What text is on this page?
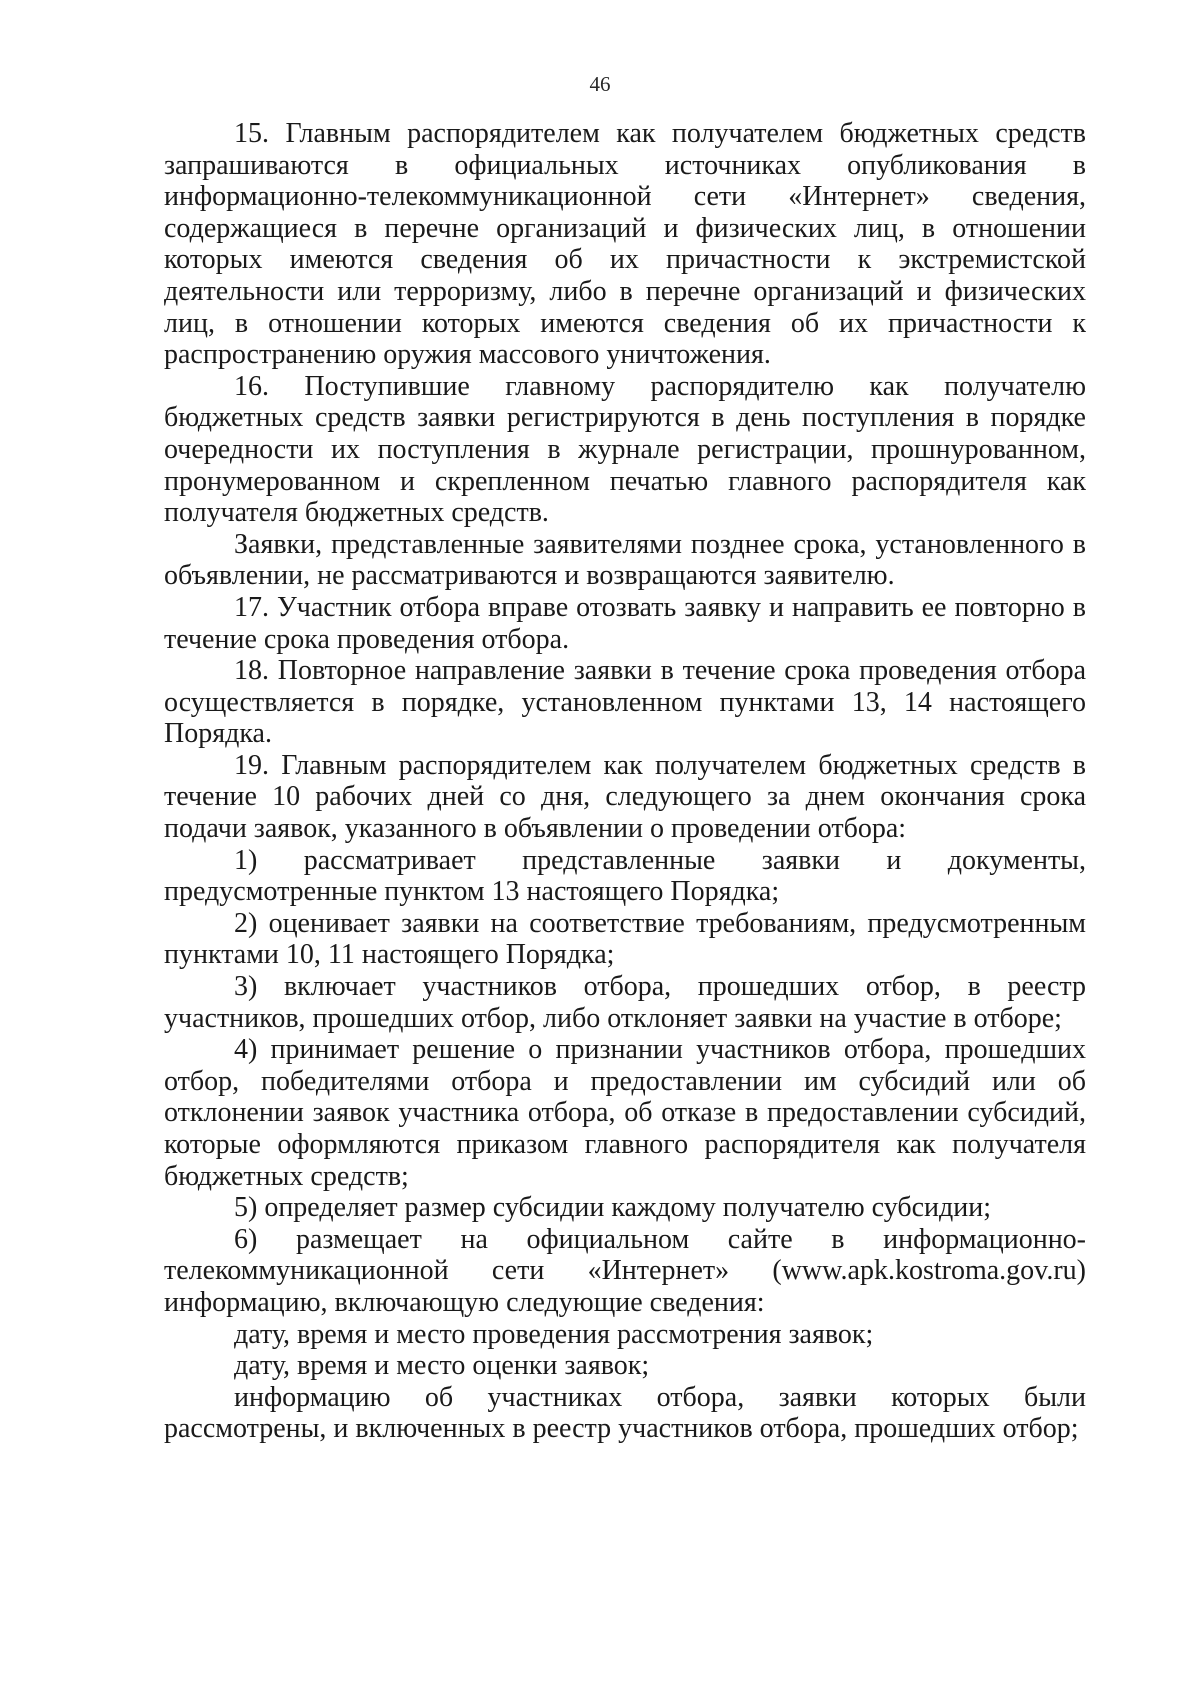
46

15. Главным распорядителем как получателем бюджетных средств запрашиваются в официальных источниках опубликования в информационно-телекоммуникационной сети «Интернет» сведения, содержащиеся в перечне организаций и физических лиц, в отношении которых имеются сведения об их причастности к экстремистской деятельности или терроризму, либо в перечне организаций и физических лиц, в отношении которых имеются сведения об их причастности к распространению оружия массового уничтожения.

16. Поступившие главному распорядителю как получателю бюджетных средств заявки регистрируются в день поступления в порядке очередности их поступления в журнале регистрации, прошнурованном, пронумерованном и скрепленном печатью главного распорядителя как получателя бюджетных средств.

Заявки, представленные заявителями позднее срока, установленного в объявлении, не рассматриваются и возвращаются заявителю.

17. Участник отбора вправе отозвать заявку и направить ее повторно в течение срока проведения отбора.

18. Повторное направление заявки в течение срока проведения отбора осуществляется в порядке, установленном пунктами 13, 14 настоящего Порядка.

19. Главным распорядителем как получателем бюджетных средств в течение 10 рабочих дней со дня, следующего за днем окончания срока подачи заявок, указанного в объявлении о проведении отбора:

1) рассматривает представленные заявки и документы, предусмотренные пунктом 13 настоящего Порядка;

2) оценивает заявки на соответствие требованиям, предусмотренным пунктами 10, 11 настоящего Порядка;

3) включает участников отбора, прошедших отбор, в реестр участников, прошедших отбор, либо отклоняет заявки на участие в отборе;

4) принимает решение о признании участников отбора, прошедших отбор, победителями отбора и предоставлении им субсидий или об отклонении заявок участника отбора, об отказе в предоставлении субсидий, которые оформляются приказом главного распорядителя как получателя бюджетных средств;

5) определяет размер субсидии каждому получателю субсидии;

6) размещает на официальном сайте в информационно-телекоммуникационной сети «Интернет» (www.apk.kostroma.gov.ru) информацию, включающую следующие сведения:

дату, время и место проведения рассмотрения заявок;

дату, время и место оценки заявок;

информацию об участниках отбора, заявки которых были рассмотрены, и включенных в реестр участников отбора, прошедших отбор;
